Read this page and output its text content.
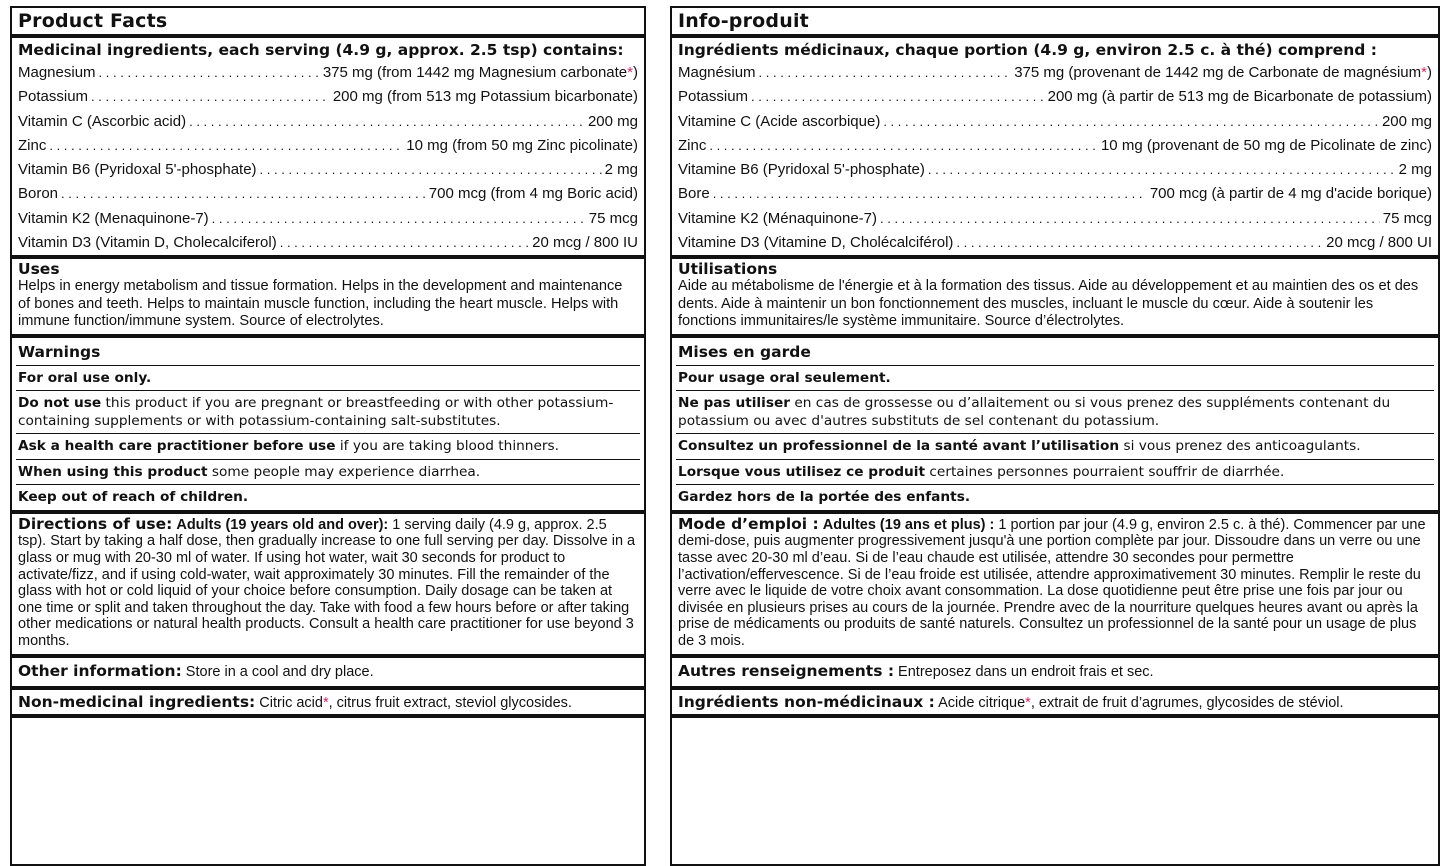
Product Facts
Medicinal ingredients, each serving (4.9 g, approx. 2.5 tsp) contains:
Magnesium . . .	375 mg (from 1442 mg Magnesium carbonate*)
Potassium . . .	200 mg (from 513 mg Potassium bicarbonate)
Vitamin C (Ascorbic acid) . . .	200 mg
Zinc . . .	10 mg (from 50 mg Zinc picolinate)
Vitamin B6 (Pyridoxal 5'-phosphate) . . .	2 mg
Boron . . .	700 mcg (from 4 mg Boric acid)
Vitamin K2 (Menaquinone-7) . . .	75 mcg
Vitamin D3 (Vitamin D, Cholecalciferol) . . .	20 mcg / 800 IU
Uses
Helps in energy metabolism and tissue formation. Helps in the development and maintenance of bones and teeth. Helps to maintain muscle function, including the heart muscle. Helps with immune function/immune system. Source of electrolytes.
Warnings
For oral use only.
Do not use this product if you are pregnant or breastfeeding or with other potassium-containing supplements or with potassium-containing salt-substitutes.
Ask a health care practitioner before use if you are taking blood thinners.
When using this product some people may experience diarrhea.
Keep out of reach of children.
Directions of use: Adults (19 years old and over): 1 serving daily (4.9 g, approx. 2.5 tsp). Start by taking a half dose, then gradually increase to one full serving per day. Dissolve in a glass or mug with 20-30 ml of water. If using hot water, wait 30 seconds for product to activate/fizz, and if using cold-water, wait approximately 30 minutes. Fill the remainder of the glass with hot or cold liquid of your choice before consumption. Daily dosage can be taken at one time or split and taken throughout the day. Take with food a few hours before or after taking other medications or natural health products. Consult a health care practitioner for use beyond 3 months.
Other information: Store in a cool and dry place.
Non-medicinal ingredients: Citric acid*, citrus fruit extract, steviol glycosides.
Info-produit
Ingrédients médicinaux, chaque portion (4.9 g, environ 2.5 c. à thé) comprend :
Magnésium . . .	375 mg (provenant de 1442 mg de Carbonate de magnésium*)
Potassium . . .	200 mg (à partir de 513 mg de Bicarbonate de potassium)
Vitamine C (Acide ascorbique) . . .	200 mg
Zinc . . .	10 mg (provenant de 50 mg de Picolinate de zinc)
Vitamine B6 (Pyridoxal 5'-phosphate) . . .	2 mg
Bore . . .	700 mcg (à partir de 4 mg d'acide borique)
Vitamine K2 (Ménaquinone-7) . . .	75 mcg
Vitamine D3 (Vitamine D, Cholécalciférol) . . .	20 mcg / 800 UI
Utilisations
Aide au métabolisme de l'énergie et à la formation des tissus. Aide au développement et au maintien des os et des dents. Aide à maintenir un bon fonctionnement des muscles, incluant le muscle du cœur. Aide à soutenir les fonctions immunitaires/le système immunitaire. Source d’électrolytes.
Mises en garde
Pour usage oral seulement.
Ne pas utiliser en cas de grossesse ou d’allaitement ou si vous prenez des suppléments contenant du potassium ou avec d'autres substituts de sel contenant du potassium.
Consultez un professionnel de la santé avant l’utilisation si vous prenez des anticoagulants.
Lorsque vous utilisez ce produit certaines personnes pourraient souffrir de diarrhée.
Gardez hors de la portée des enfants.
Mode d’emploi : Adultes (19 ans et plus) : 1 portion par jour (4.9 g, environ 2.5 c. à thé). Commencer par une demi-dose, puis augmenter progressivement jusqu'à une portion complète par jour. Dissoudre dans un verre ou une tasse avec 20-30 ml d’eau. Si de l’eau chaude est utilisée, attendre 30 secondes pour permettre l’activation/effervescence. Si de l’eau froide est utilisée, attendre approximativement 30 minutes. Remplir le reste du verre avec le liquide de votre choix avant consommation. La dose quotidienne peut être prise une fois par jour ou divisée en plusieurs prises au cours de la journée. Prendre avec de la nourriture quelques heures avant ou après la prise de médicaments ou produits de santé naturels. Consultez un professionnel de la santé pour un usage de plus de 3 mois.
Autres renseignements : Entreposez dans un endroit frais et sec.
Ingrédients non-médicinaux : Acide citrique*, extrait de fruit d’agrumes, glycosides de stéviol.
